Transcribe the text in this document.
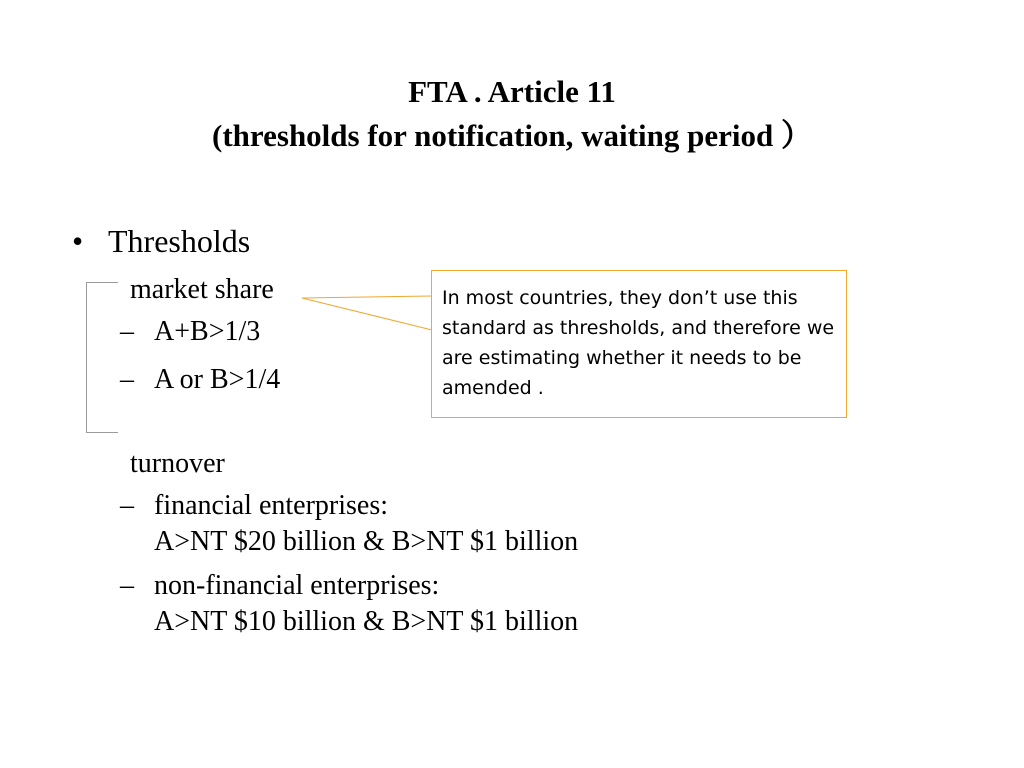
FTA . Article 11
(thresholds for notification, waiting period ）
• Thresholds
market share
– A+B>1/3
– A or B>1/4
turnover
– financial enterprises:
A>NT $20 billion & B>NT $1 billion
– non-financial enterprises:
A>NT $10 billion & B>NT $1 billion
In most countries, they don’t use this standard as thresholds, and therefore we are estimating whether it needs to be amended .
